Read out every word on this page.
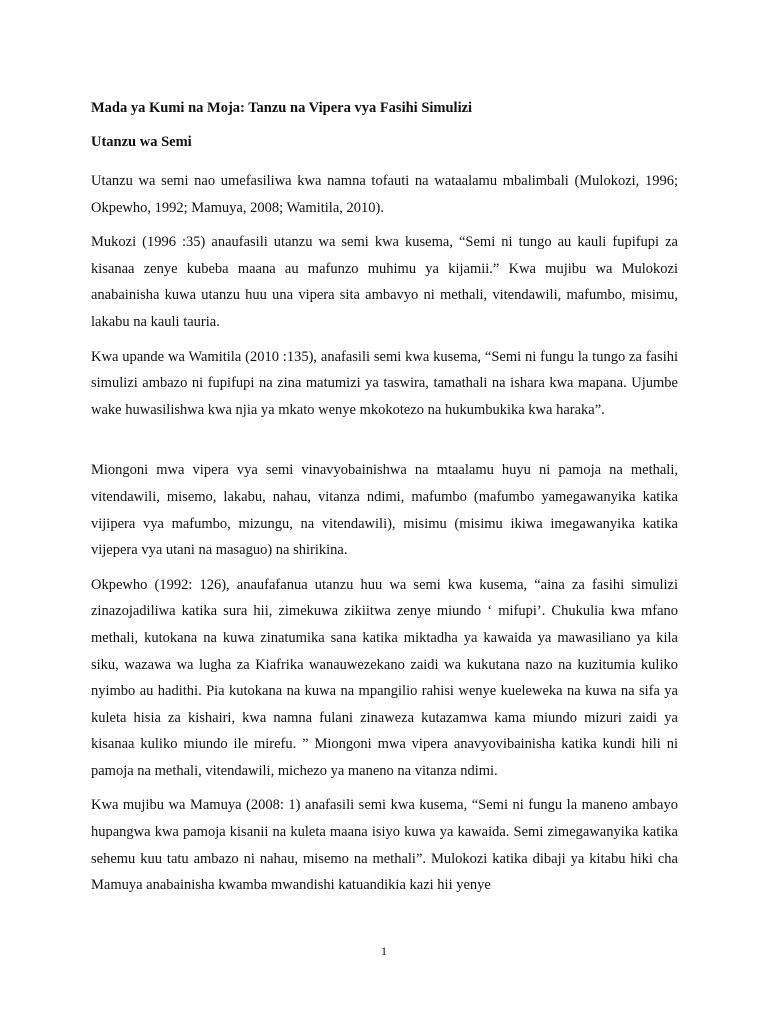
Mada ya Kumi na Moja: Tanzu na Vipera vya Fasihi Simulizi
Utanzu wa Semi

Utanzu wa semi nao umefasiliwa kwa namna tofauti na wataalamu mbalimbali (Mulokozi, 1996; Okpewho, 1992; Mamuya, 2008; Wamitila, 2010).

Mukozi (1996 :35) anaufasili utanzu wa semi kwa kusema, “Semi ni tungo au kauli fupifupi za kisanaa zenye kubeba maana au mafunzo muhimu ya kijamii.” Kwa mujibu wa Mulokozi anabainisha kuwa utanzu huu una vipera sita ambavyo ni methali, vitendawili, mafumbo, misimu, lakabu na kauli tauria.

Kwa upande wa Wamitila (2010 :135), anafasili semi kwa kusema, “Semi ni fungu la tungo za fasihi simulizi ambazo ni fupifupi na zina matumizi ya taswira, tamathali na ishara kwa mapana. Ujumbe wake huwasilishwa kwa njia ya mkato wenye mkokotezo na hukumbukika kwa haraka”.

Miongoni mwa vipera vya semi vinavyobainishwa na mtaalamu huyu ni pamoja na methali, vitendawili, misemo, lakabu, nahau, vitanza ndimi, mafumbo (mafumbo yamegawanyika katika vijipera vya mafumbo, mizungu, na vitendawili), misimu (misimu ikiwa imegawanyika katika vijepera vya utani na masaguo) na shirikina.

Okpewho (1992: 126), anaufafanua utanzu huu wa semi kwa kusema, “aina za fasihi simulizi zinazojadiliwa katika sura hii, zimekuwa zikiitwa zenye miundo ‘ mifupi’. Chukulia kwa mfano methali, kutokana na kuwa zinatumika sana katika miktadha ya kawaida ya mawasiliano ya kila siku, wazawa wa lugha za Kiafrika wanauwezekano zaidi wa kukutana nazo na kuzitumia kuliko nyimbo au hadithi. Pia kutokana na kuwa na mpangilio rahisi wenye kueleweka na kuwa na sifa ya kuleta hisia za kishairi, kwa namna fulani zinaweza kutazamwa kama miundo mizuri zaidi ya kisanaa kuliko miundo ile mirefu. ” Miongoni mwa vipera anavyovibainisha katika kundi hili ni pamoja na methali, vitendawili, michezo ya maneno na vitanza ndimi.

Kwa mujibu wa Mamuya (2008: 1) anafasili semi kwa kusema, “Semi ni fungu la maneno ambayo hupangwa kwa pamoja kisanii na kuleta maana isiyo kuwa ya kawaida. Semi zimegawanyika katika sehemu kuu tatu ambazo ni nahau, misemo na methali”. Mulokozi katika dibaji ya kitabu hiki cha Mamuya anabainisha kwamba mwandishi katuandikia kazi hii yenye

1
